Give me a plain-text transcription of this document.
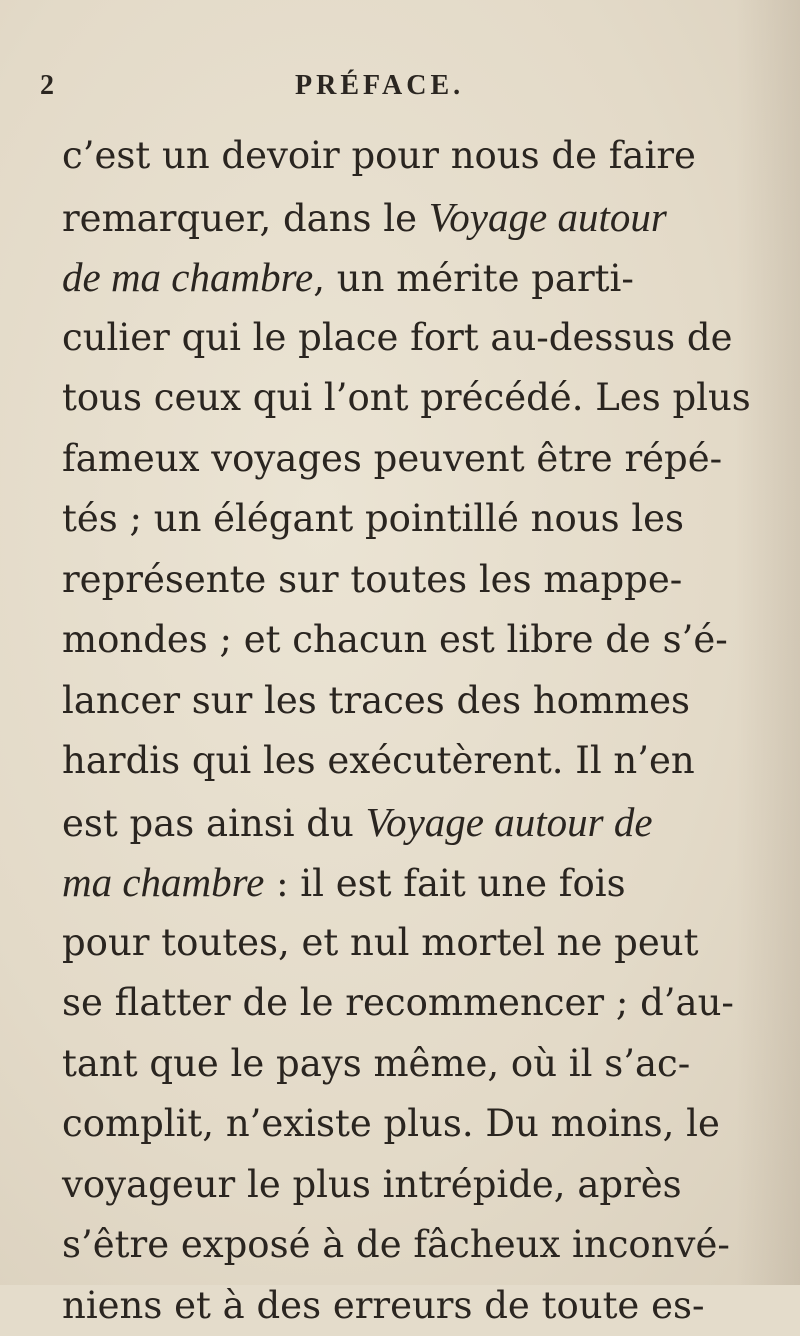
2	PRÉFACE.
c’est un devoir pour nous de faire
remarquer, dans le Voyage autour
de ma chambre, un mérite parti-
culier qui le place fort au-dessus de
tous ceux qui l’ont précédé. Les plus
fameux voyages peuvent être répé-
tés ; un élégant pointillé nous les
représente sur toutes les mappe-
mondes ; et chacun est libre de s’é-
lancer sur les traces des hommes
hardis qui les exécutèrent. Il n’en
est pas ainsi du Voyage autour de
ma chambre : il est fait une fois
pour toutes, et nul mortel ne peut
se flatter de le recommencer ; d’au-
tant que le pays même, où il s’ac-
complit, n’existe plus. Du moins, le
voyageur le plus intrépide, après
s’être exposé à de fâcheux inconvé-
niens et à des erreurs de toute es-
